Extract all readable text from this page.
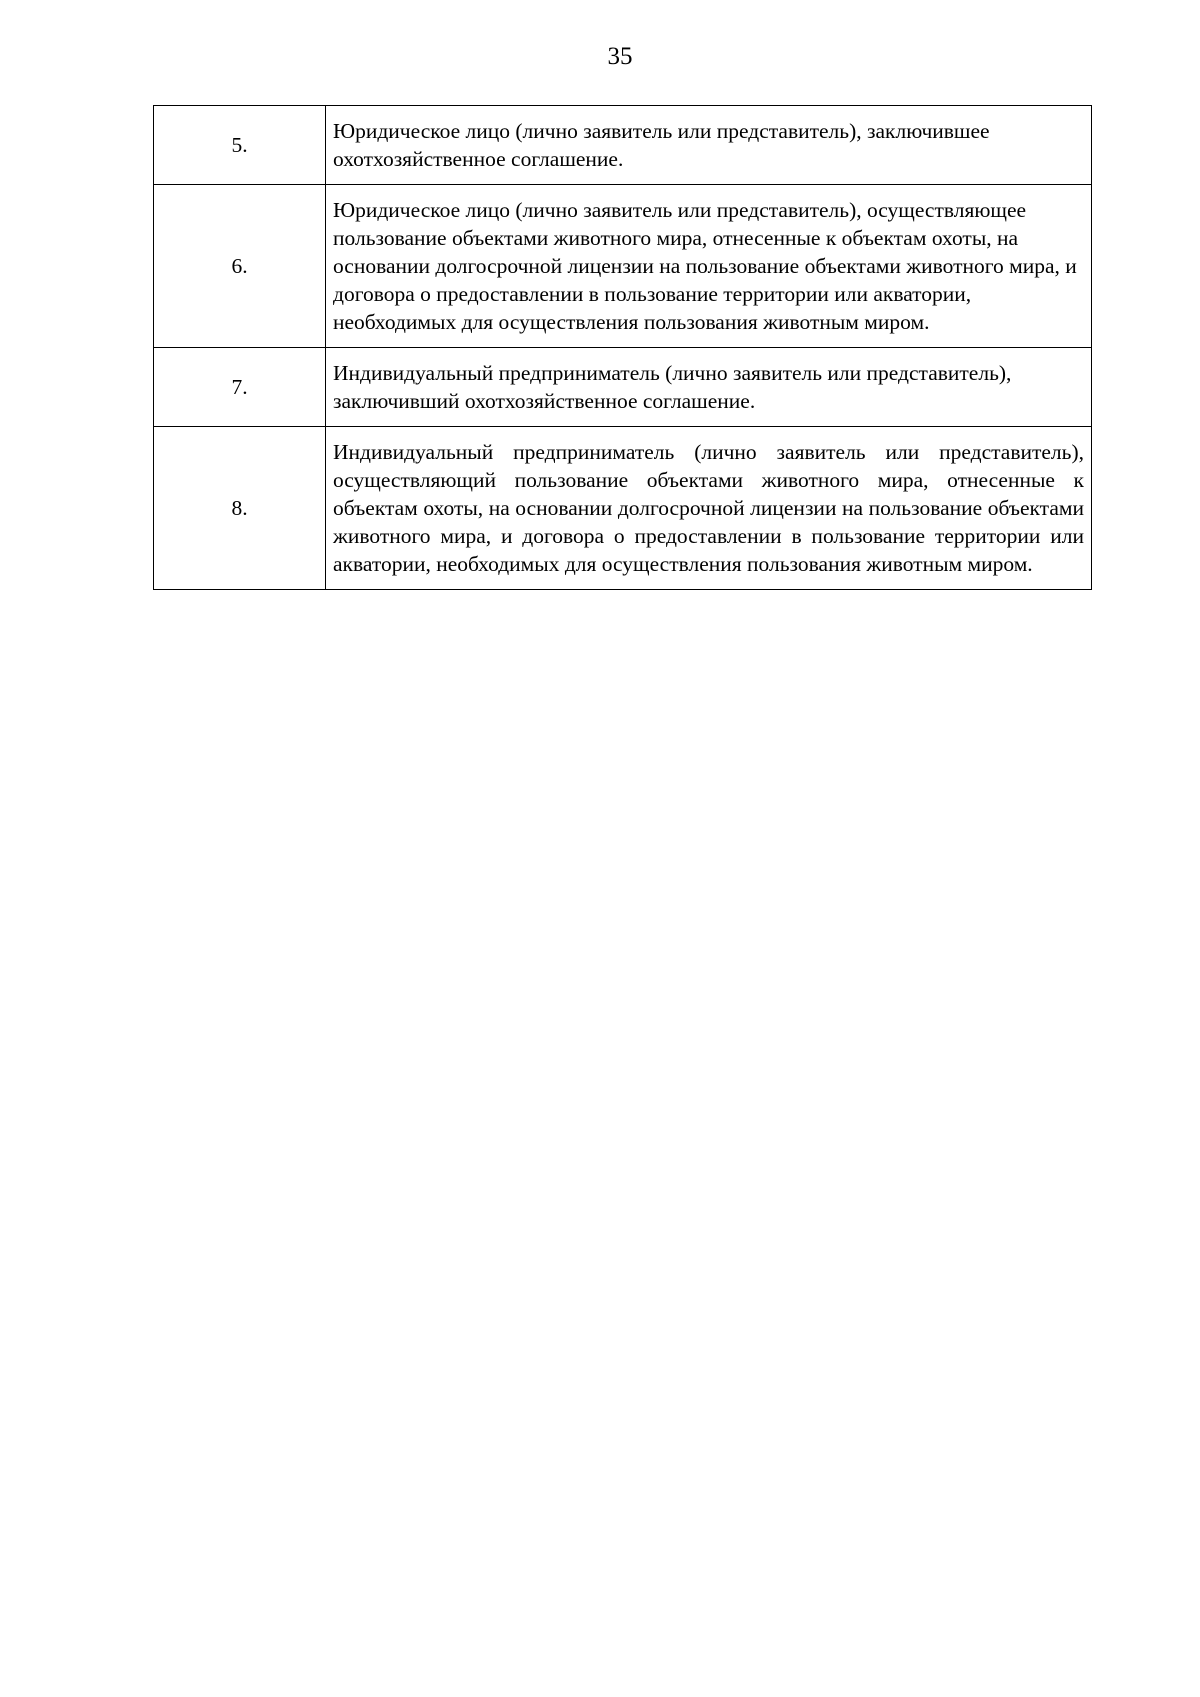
35
5.	Юридическое лицо (лично заявитель или представитель), заключившее охотхозяйственное соглашение.
6.	Юридическое лицо (лично заявитель или представитель), осуществляющее пользование объектами животного мира, отнесенные к объектам охоты, на основании долгосрочной лицензии на пользование объектами животного мира, и договора о предоставлении в пользование территории или акватории, необходимых для осуществления пользования животным миром.
7.	Индивидуальный предприниматель (лично заявитель или представитель), заключивший охотхозяйственное соглашение.
8.	Индивидуальный предприниматель (лично заявитель или представитель), осуществляющий пользование объектами животного мира, отнесенные к объектам охоты, на основании долгосрочной лицензии на пользование объектами животного мира, и договора о предоставлении в пользование территории или акватории, необходимых для осуществления пользования животным миром.
